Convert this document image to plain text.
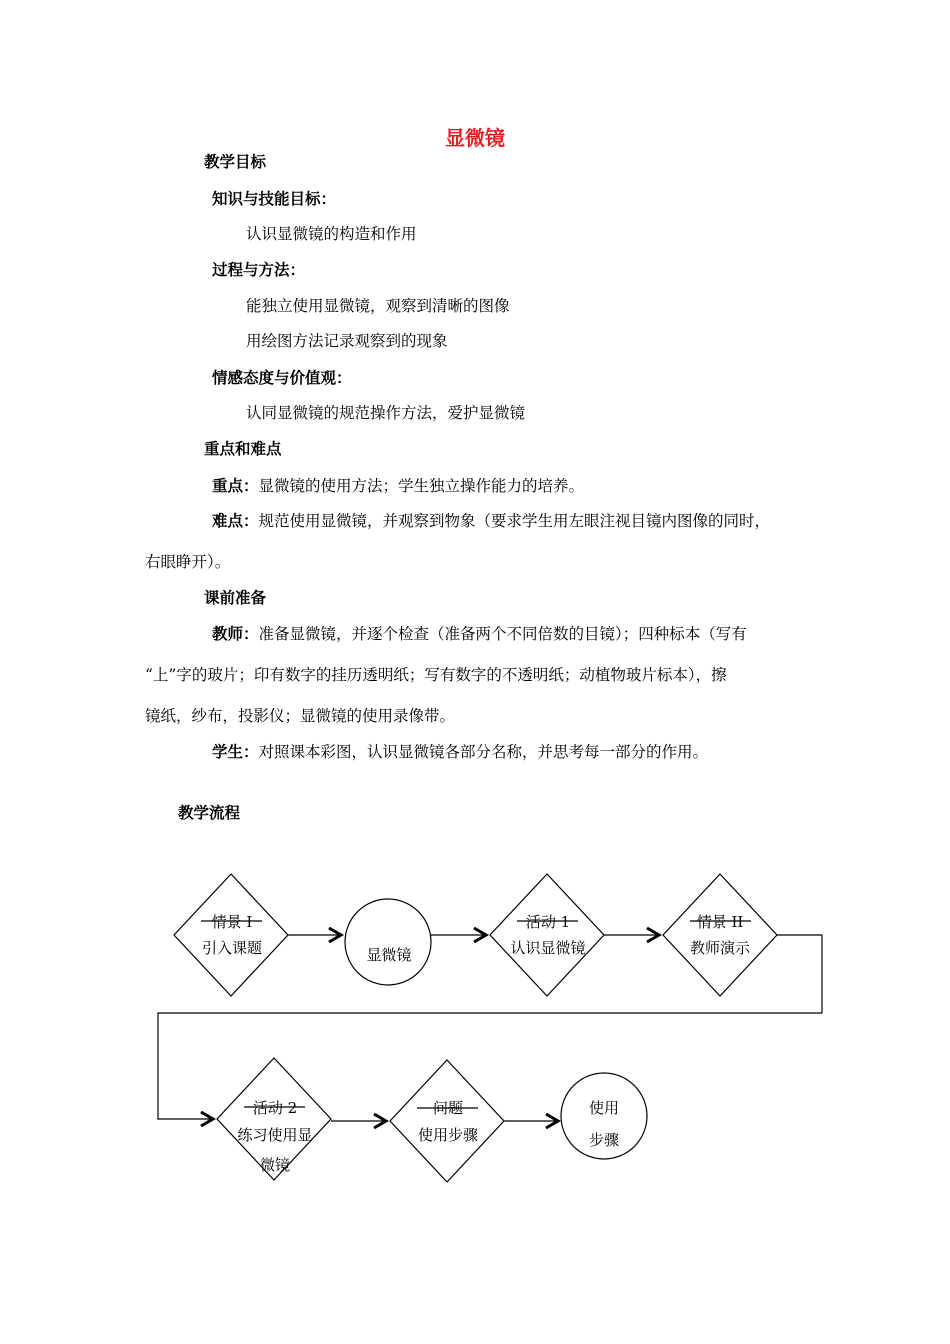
显微镜
教学目标
知识与技能目标：
认识显微镜的构造和作用
过程与方法：
能独立使用显微镜，观察到清晰的图像
用绘图方法记录观察到的现象
情感态度与价值观：
认同显微镜的规范操作方法，爱护显微镜
重点和难点
重点：显微镜的使用方法；学生独立操作能力的培养。
难点：规范使用显微镜，并观察到物象（要求学生用左眼注视目镜内图像的同时，
右眼睁开）。
课前准备
教师：准备显微镜，并逐个检查（准备两个不同倍数的目镜）；四种标本（写有
“上”字的玻片；印有数字的挂历透明纸；写有数字的不透明纸；动植物玻片标本），擦
镜纸，纱布，投影仪；显微镜的使用录像带。
学生：对照课本彩图，认识显微镜各部分名称，并思考每一部分的作用。
教学流程
情景 I
引入课题	显微镜
活动 1
认识显微镜
情景 II
教师演示
活动 2
练习使用显
微镜
问题
使用步骤
使用
步骤
